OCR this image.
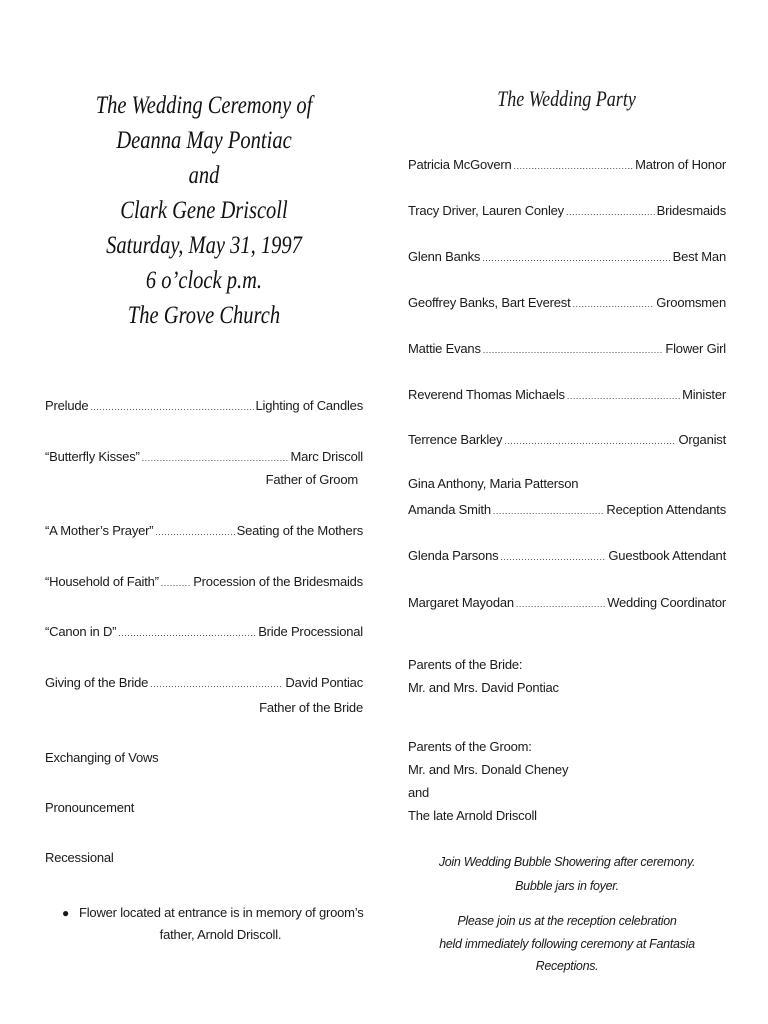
The Wedding Ceremony of
Deanna May Pontiac
and
Clark Gene Driscoll
Saturday, May 31, 1997
6 o’clock p.m.
The Grove Church
Prelude .....	Lighting of Candles
“Butterfly Kisses” .....	Marc Driscoll
Father of Groom
“A Mother’s Prayer” .....	Seating of the Mothers
“Household of Faith” .....	Procession of the Bridesmaids
“Canon in D” .....	Bride Processional
Giving of the Bride .....	David Pontiac
Father of the Bride
Exchanging of Vows
Pronouncement
Recessional
● Flower located at entrance is in memory of groom’s
father, Arnold Driscoll.
The Wedding Party
Patricia McGovern .....	Matron of Honor
Tracy Driver, Lauren Conley .....	Bridesmaids
Glenn Banks .....	Best Man
Geoffrey Banks, Bart Everest .....	Groomsmen
Mattie Evans .....	Flower Girl
Reverend Thomas Michaels .....	Minister
Terrence Barkley .....	Organist
Gina Anthony, Maria Patterson
Amanda Smith .....	Reception Attendants
Glenda Parsons .....	Guestbook Attendant
Margaret Mayodan .....	Wedding Coordinator
Parents of the Bride:
Mr. and Mrs. David Pontiac
Parents of the Groom:
Mr. and Mrs. Donald Cheney
and
The late Arnold Driscoll
Join Wedding Bubble Showering after ceremony.
Bubble jars in foyer.
Please join us at the reception celebration
held immediately following ceremony at Fantasia Receptions.
